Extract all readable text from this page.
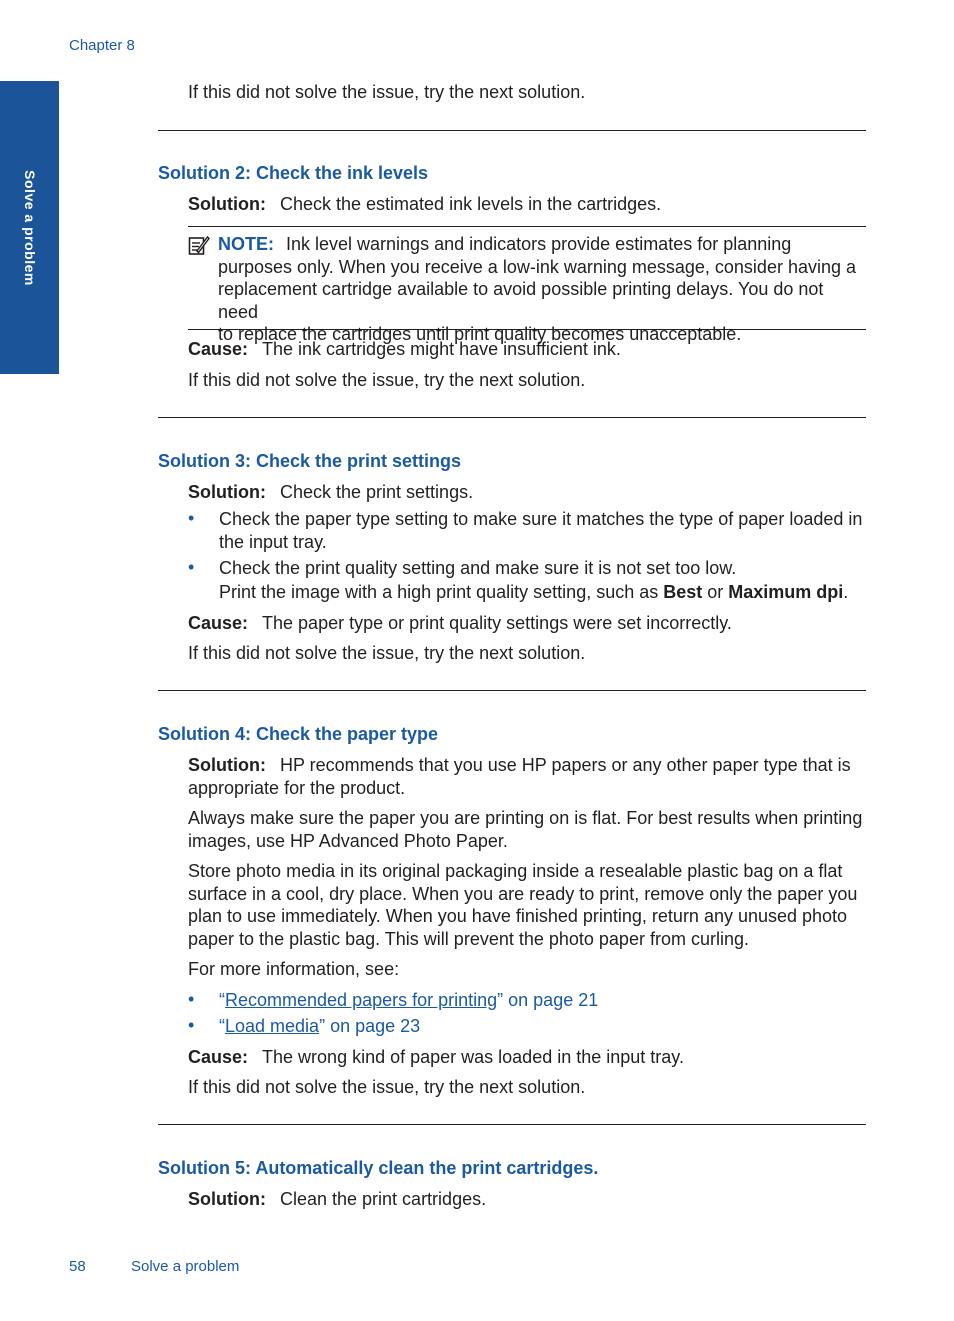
Chapter 8
Solve a problem
If this did not solve the issue, try the next solution.
Solution 2: Check the ink levels
Solution: Check the estimated ink levels in the cartridges.
NOTE: Ink level warnings and indicators provide estimates for planning
purposes only. When you receive a low-ink warning message, consider having a
replacement cartridge available to avoid possible printing delays. You do not need
to replace the cartridges until print quality becomes unacceptable.
Cause: The ink cartridges might have insufficient ink.
If this did not solve the issue, try the next solution.
Solution 3: Check the print settings
Solution: Check the print settings.
• Check the paper type setting to make sure it matches the type of paper loaded in
the input tray.
• Check the print quality setting and make sure it is not set too low.
Print the image with a high print quality setting, such as Best or Maximum dpi.
Cause: The paper type or print quality settings were set incorrectly.
If this did not solve the issue, try the next solution.
Solution 4: Check the paper type
Solution: HP recommends that you use HP papers or any other paper type that is
appropriate for the product.
Always make sure the paper you are printing on is flat. For best results when printing
images, use HP Advanced Photo Paper.
Store photo media in its original packaging inside a resealable plastic bag on a flat
surface in a cool, dry place. When you are ready to print, remove only the paper you
plan to use immediately. When you have finished printing, return any unused photo
paper to the plastic bag. This will prevent the photo paper from curling.
For more information, see:
• “Recommended papers for printing” on page 21
• “Load media” on page 23
Cause: The wrong kind of paper was loaded in the input tray.
If this did not solve the issue, try the next solution.
Solution 5: Automatically clean the print cartridges.
Solution: Clean the print cartridges.
58	Solve a problem
